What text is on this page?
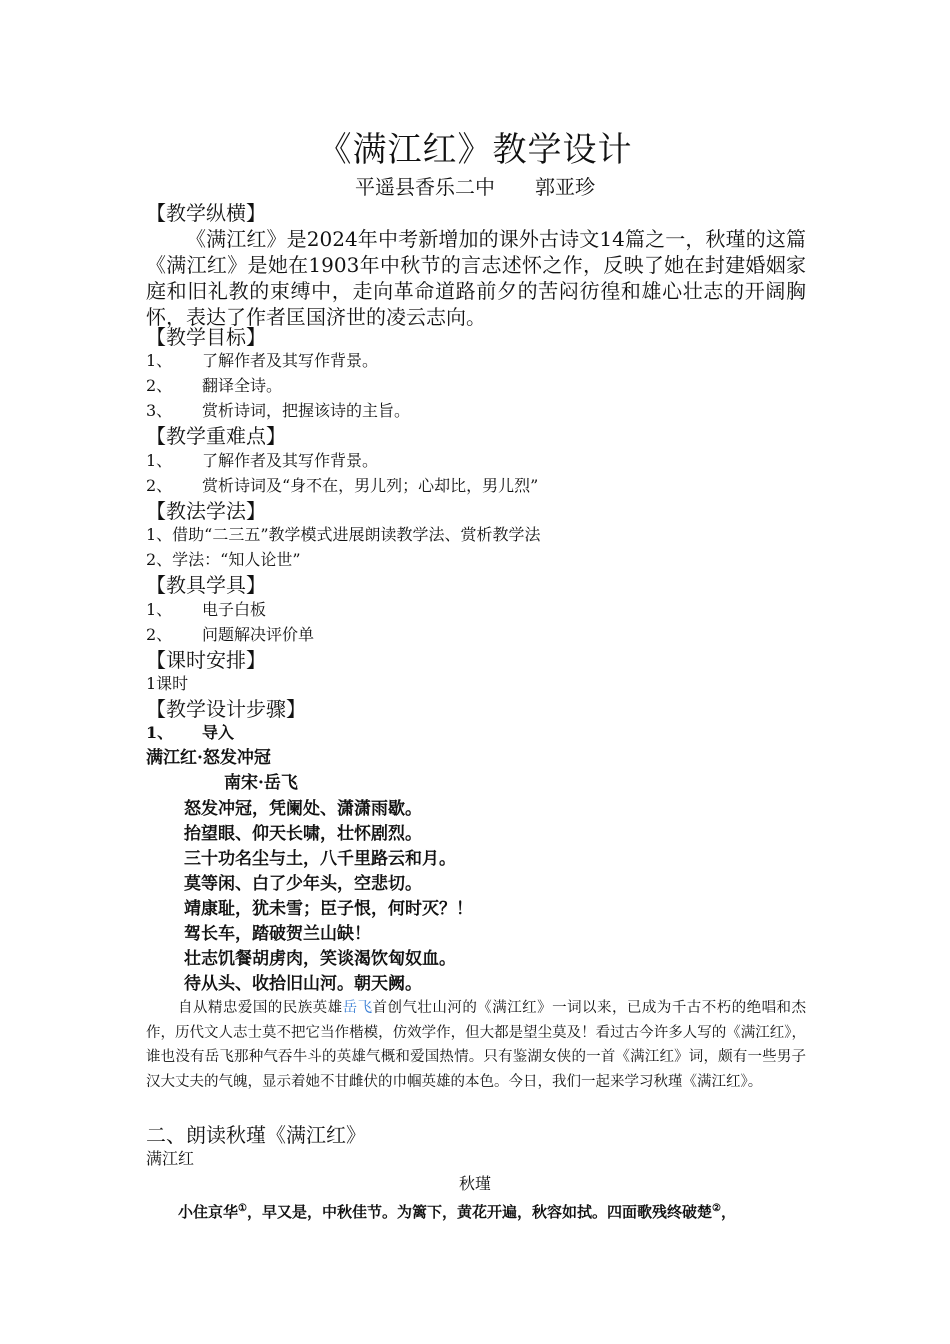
《满江红》教学设计
平遥县香乐二中 郭亚珍
【教学纵横】
《满江红》是2024年中考新增加的课外古诗文14篇之一，秋瑾的这篇《满江红》是她在1903年中秋节的言志述怀之作，反映了她在封建婚姻家庭和旧礼教的束缚中，走向革命道路前夕的苦闷彷徨和雄心壮志的开阔胸怀，表达了作者匡国济世的凌云志向。
【教学目标】
1、 了解作者及其写作背景。
2、 翻译全诗。
3、 赏析诗词，把握该诗的主旨。
【教学重难点】
1、 了解作者及其写作背景。
2、 赏析诗词及“身不在，男儿列；心却比，男儿烈”
【教法学法】
1、借助“二三五”教学模式进展朗读教学法、赏析教学法
2、学法：“知人论世”
【教具学具】
1、 电子白板
2、 问题解决评价单
【课时安排】
1课时
【教学设计步骤】
1、 导入
满江红·怒发冲冠
南宋·岳飞
怒发冲冠，凭阑处、潇潇雨歇。
抬望眼、仰天长啸，壮怀剧烈。
三十功名尘与土，八千里路云和月。
莫等闲、白了少年头，空悲切。
靖康耻，犹未雪；臣子恨，何时灭？！
驾长车，踏破贺兰山缺！
壮志饥餐胡虏肉，笑谈渴饮匈奴血。
待从头、收拾旧山河。朝天阙。
自从精忠爱国的民族英雄岳飞首创气壮山河的《满江红》一词以来，已成为千古不朽的绝唱和杰作，历代文人志士莫不把它当作楷模，仿效学作，但大都是望尘莫及！看过古今许多人写的《满江红》，谁也没有岳飞那种气吞牛斗的英雄气概和爱国热情。只有鉴湖女侠的一首《满江红》词，颇有一些男子汉大丈夫的气魄，显示着她不甘雌伏的巾帼英雄的本色。今日，我们一起来学习秋瑾《满江红》。
二、朗读秋瑾《满江红》
满江红
秋瑾
小住京华①，早又是，中秋佳节。为篱下，黄花开遍，秋容如拭。四面歌残终破楚②，
